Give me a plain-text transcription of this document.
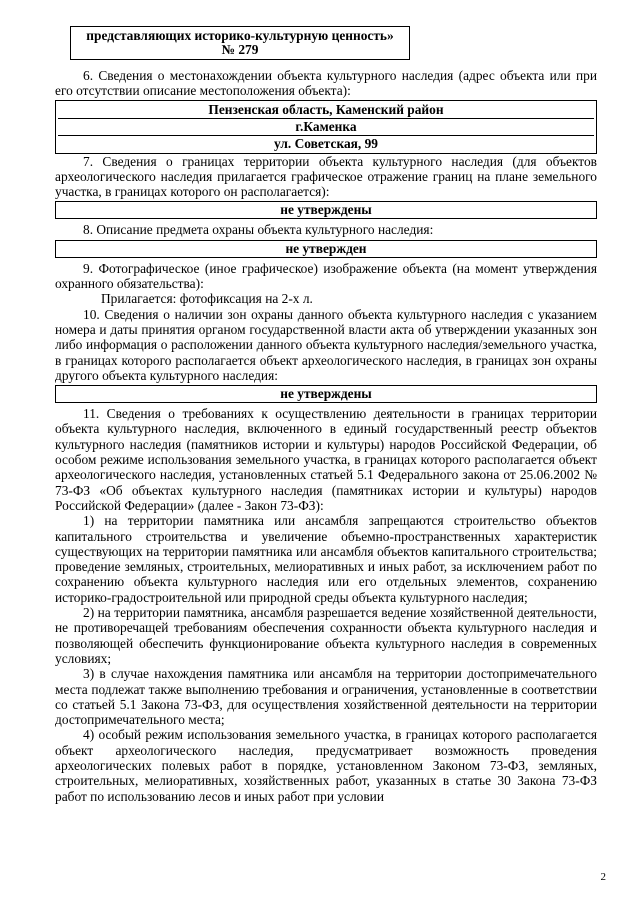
представляющих историко-культурную ценность»
№ 279

6. Сведения о местонахождении объекта культурного наследия (адрес объекта или при его отсутствии описание местоположения объекта):

Пензенская область, Каменский район
г.Каменка
ул. Советская, 99

7. Сведения о границах территории объекта культурного наследия (для объектов археологического наследия прилагается графическое отражение границ на плане земельного участка, в границах которого он располагается):

не утверждены

8. Описание предмета охраны объекта культурного наследия:

не утвержден

9. Фотографическое (иное графическое) изображение объекта (на момент утверждения охранного обязательства):

Прилагается: фотофиксация на 2-х л.

10. Сведения о наличии зон охраны данного объекта культурного наследия с указанием номера и даты принятия органом государственной власти акта об утверждении указанных зон либо информация о расположении данного объекта культурного наследия/земельного участка, в границах которого располагается объект археологического наследия, в границах зон охраны другого объекта культурного наследия:

не утверждены

11. Сведения о требованиях к осуществлению деятельности в границах территории объекта культурного наследия, включенного в единый государственный реестр объектов культурного наследия (памятников истории и культуры) народов Российской Федерации, об особом режиме использования земельного участка, в границах которого располагается объект археологического наследия, установленных статьей 5.1 Федерального закона от 25.06.2002 № 73-ФЗ «Об объектах культурного наследия (памятниках истории и культуры) народов Российской Федерации» (далее - Закон 73-ФЗ):

1) на территории памятника или ансамбля запрещаются строительство объектов капитального строительства и увеличение объемно-пространственных характеристик существующих на территории памятника или ансамбля объектов капитального строительства; проведение земляных, строительных, мелиоративных и иных работ, за исключением работ по сохранению объекта культурного наследия или его отдельных элементов, сохранению историко-градостроительной или природной среды объекта культурного наследия;

2) на территории памятника, ансамбля разрешается ведение хозяйственной деятельности, не противоречащей требованиям обеспечения сохранности объекта культурного наследия и позволяющей обеспечить функционирование объекта культурного наследия в современных условиях;

3) в случае нахождения памятника или ансамбля на территории достопримечательного места подлежат также выполнению требования и ограничения, установленные в соответствии со статьей 5.1 Закона 73-ФЗ, для осуществления хозяйственной деятельности на территории достопримечательного места;

4) особый режим использования земельного участка, в границах которого располагается объект археологического наследия, предусматривает возможность проведения археологических полевых работ в порядке, установленном Законом 73-ФЗ, земляных, строительных, мелиоративных, хозяйственных работ, указанных в статье 30 Закона 73-ФЗ работ по использованию лесов и иных работ при условии

2
